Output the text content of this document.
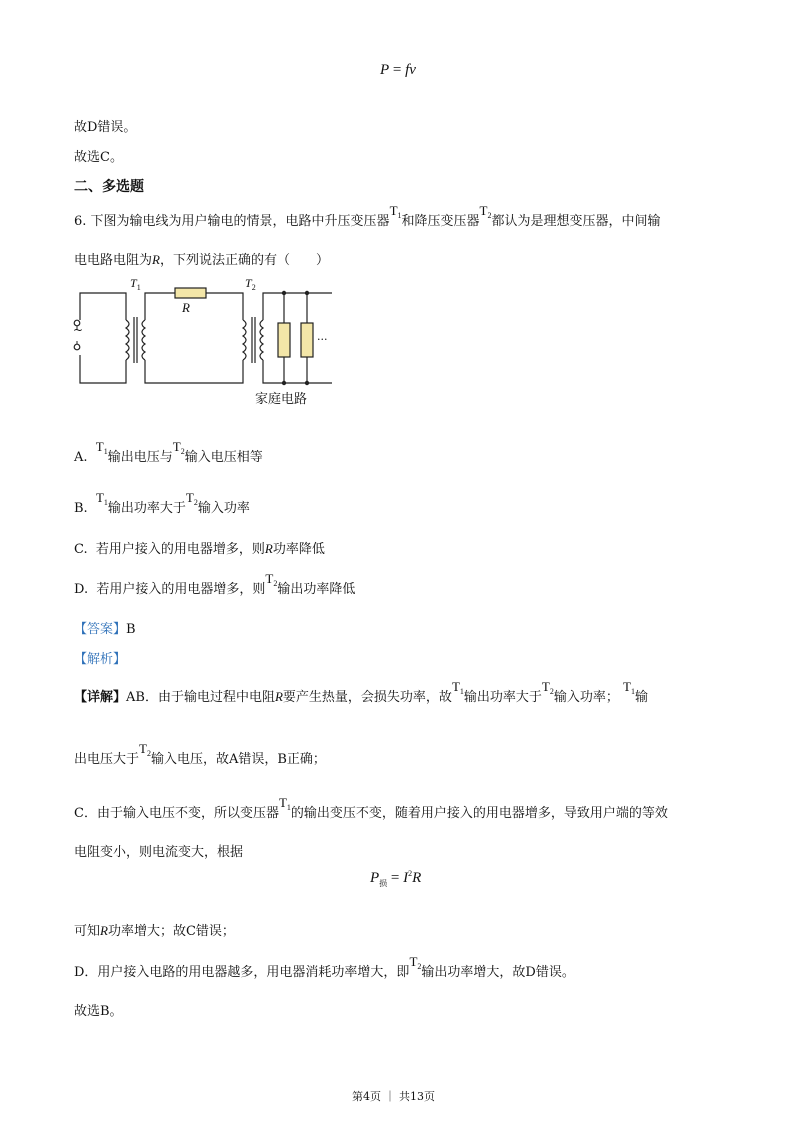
P = fv
故D错误。
故选C。
二、多选题
6. 下图为输电线为用户输电的情景，电路中升压变压器$T_1$和降压变压器$T_2$都认为是理想变压器，中间输
电电路电阻为R，下列说法正确的有（　　）
~
$T_1$
R
$T_2$
...
家庭电路
A.  $T_1$输出电压与$T_2$输入电压相等
B.  $T_1$输出功率大于$T_2$输入功率
C. 若用户接入的用电器增多，则R功率降低
D. 若用户接入的用电器增多，则$T_2$输出功率降低
【答案】B
【解析】
【详解】AB．由于输电过程中电阻R要产生热量，会损失功率，故$T_1$输出功率大于$T_2$输入功率； $T_1$输
出电压大于$T_2$输入电压，故A错误，B正确；
C．由于输入电压不变，所以变压器$T_1$的输出变压不变，随着用户接入的用电器增多，导致用户端的等效
电阻变小，则电流变大，根据
$P_损 = I^2R$
可知R功率增大；故C错误；
D．用户接入电路的用电器越多，用电器消耗功率增大，即$T_2$输出功率增大，故D错误。
故选B。
第4页 ｜ 共13页
